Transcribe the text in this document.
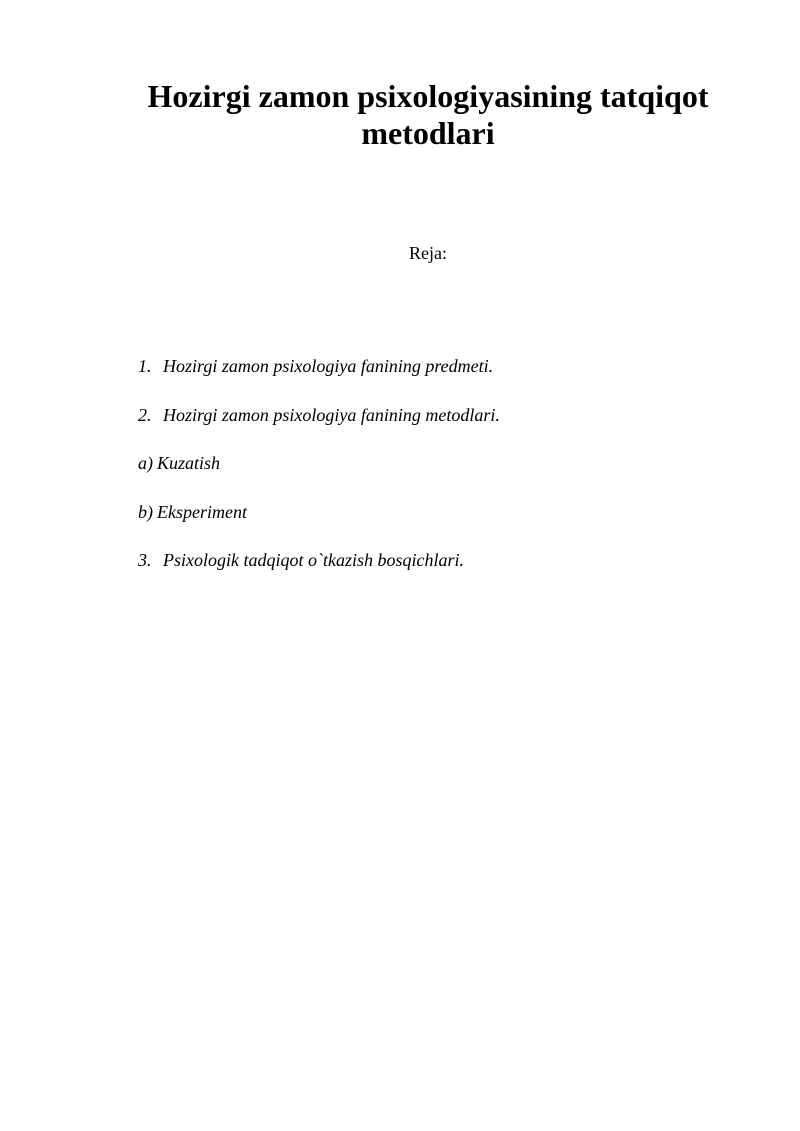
Hozirgi zamon psixologiyasining tatqiqot metodlari

Reja:

1. Hozirgi zamon psixologiya fanining predmeti.
2. Hozirgi zamon psixologiya fanining metodlari.
a) Kuzatish
b) Eksperiment
3. Psixologik tadqiqot o`tkazish bosqichlari.
